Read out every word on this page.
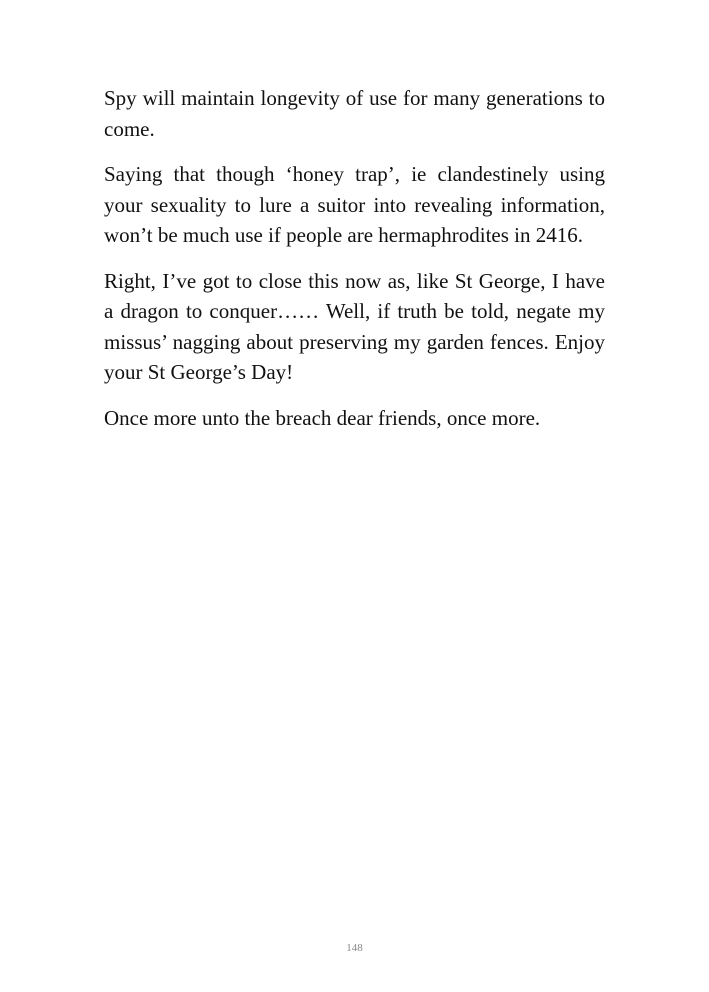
Spy will maintain longevity of use for many generations to come.

Saying that though ‘honey trap’, ie clandestinely using your sexuality to lure a suitor into revealing information, won’t be much use if people are hermaphrodites in 2416.

Right, I’ve got to close this now as, like St George, I have a dragon to conquer…… Well, if truth be told, negate my missus’ nagging about preserving my garden fences. Enjoy your St George’s Day!

Once more unto the breach dear friends, once more.

148
